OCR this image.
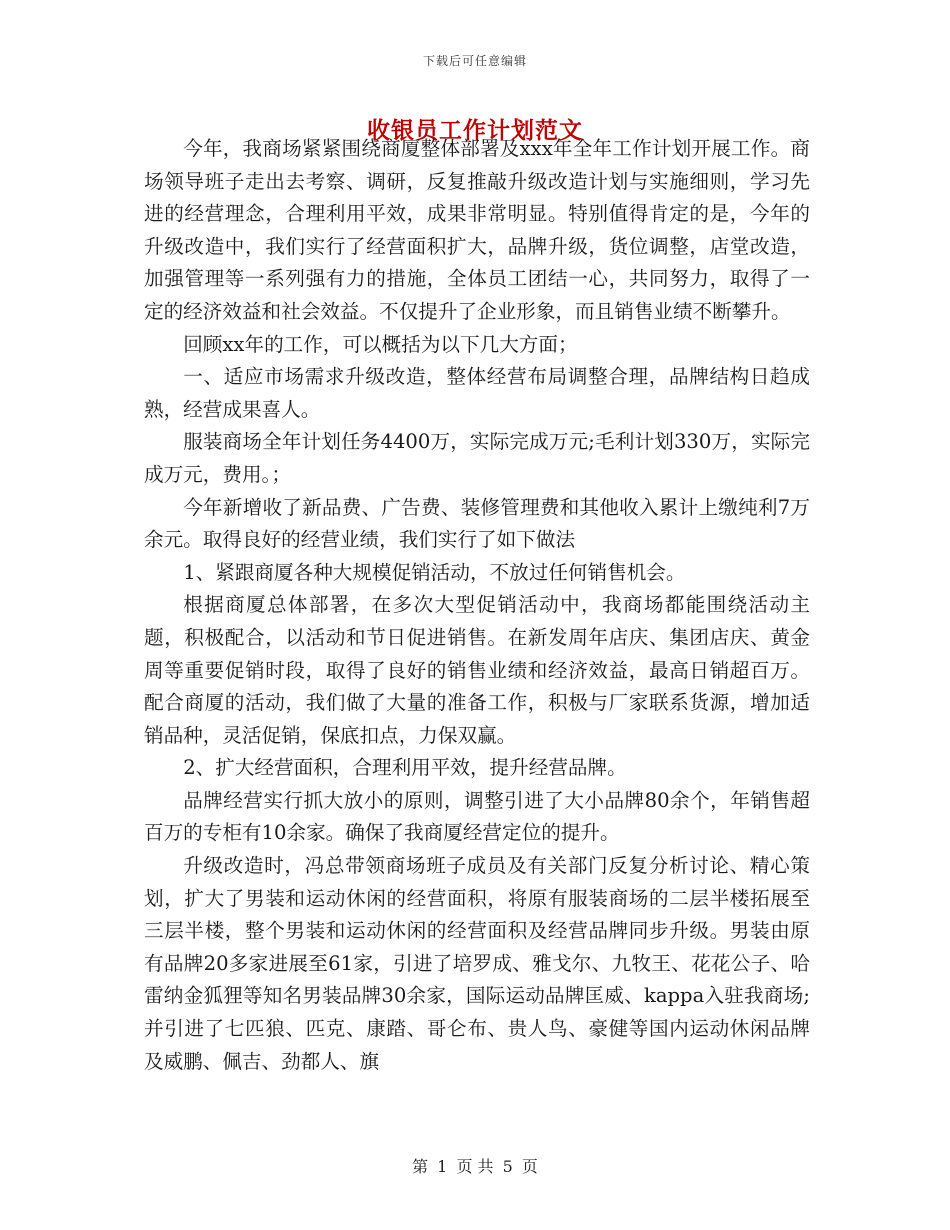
下载后可任意编辑
收银员工作计划范文

今年，我商场紧紧围绕商厦整体部署及xxx年全年工作计划开展工作。商场领导班子走出去考察、调研，反复推敲升级改造计划与实施细则，学习先进的经营理念，合理利用平效，成果非常明显。特别值得肯定的是，今年的升级改造中，我们实行了经营面积扩大，品牌升级，货位调整，店堂改造，加强管理等一系列强有力的措施，全体员工团结一心，共同努力，取得了一定的经济效益和社会效益。不仅提升了企业形象，而且销售业绩不断攀升。

回顾xx年的工作，可以概括为以下几大方面；

一、适应市场需求升级改造，整体经营布局调整合理，品牌结构日趋成熟，经营成果喜人。

服装商场全年计划任务4400万，实际完成万元;毛利计划330万，实际完成万元，费用。；

今年新增收了新品费、广告费、装修管理费和其他收入累计上缴纯利7万余元。取得良好的经营业绩，我们实行了如下做法

1、紧跟商厦各种大规模促销活动，不放过任何销售机会。

根据商厦总体部署，在多次大型促销活动中，我商场都能围绕活动主题，积极配合，以活动和节日促进销售。在新发周年店庆、集团店庆、黄金周等重要促销时段，取得了良好的销售业绩和经济效益，最高日销超百万。配合商厦的活动，我们做了大量的准备工作，积极与厂家联系货源，增加适销品种，灵活促销，保底扣点，力保双赢。

2、扩大经营面积，合理利用平效，提升经营品牌。

品牌经营实行抓大放小的原则，调整引进了大小品牌80余个，年销售超百万的专柜有10余家。确保了我商厦经营定位的提升。

升级改造时，冯总带领商场班子成员及有关部门反复分析讨论、精心策划，扩大了男装和运动休闲的经营面积，将原有服装商场的二层半楼拓展至三层半楼，整个男装和运动休闲的经营面积及经营品牌同步升级。男装由原有品牌20多家进展至61家，引进了培罗成、雅戈尔、九牧王、花花公子、哈雷纳金狐狸等知名男装品牌30余家，国际运动品牌匡威、kappa入驻我商场;并引进了七匹狼、匹克、康踏、哥仑布、贵人鸟、豪健等国内运动休闲品牌及威鹏、佩吉、劲都人、旗

第 1 页 共 5 页
